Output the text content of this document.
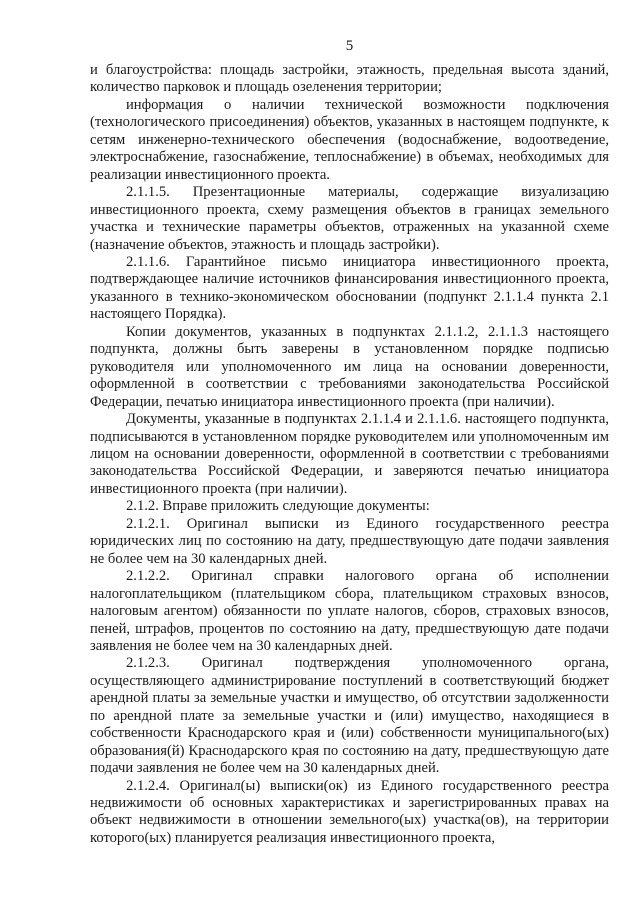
5

и благоустройства: площадь застройки, этажность, предельная высота зданий, количество парковок и площадь озеленения территории;

информация о наличии технической возможности подключения (технологического присоединения) объектов, указанных в настоящем подпункте, к сетям инженерно-технического обеспечения (водоснабжение, водоотведение, электроснабжение, газоснабжение, теплоснабжение) в объемах, необходимых для реализации инвестиционного проекта.

2.1.1.5. Презентационные материалы, содержащие визуализацию инвестиционного проекта, схему размещения объектов в границах земельного участка и технические параметры объектов, отраженных на указанной схеме (назначение объектов, этажность и площадь застройки).

2.1.1.6. Гарантийное письмо инициатора инвестиционного проекта, подтверждающее наличие источников финансирования инвестиционного проекта, указанного в технико-экономическом обосновании (подпункт 2.1.1.4 пункта 2.1 настоящего Порядка).

Копии документов, указанных в подпунктах 2.1.1.2, 2.1.1.3 настоящего подпункта, должны быть заверены в установленном порядке подписью руководителя или уполномоченного им лица на основании доверенности, оформленной в соответствии с требованиями законодательства Российской Федерации, печатью инициатора инвестиционного проекта (при наличии).

Документы, указанные в подпунктах 2.1.1.4 и 2.1.1.6. настоящего подпункта, подписываются в установленном порядке руководителем или уполномоченным им лицом на основании доверенности, оформленной в соответствии с требованиями законодательства Российской Федерации, и заверяются печатью инициатора инвестиционного проекта (при наличии).

2.1.2. Вправе приложить следующие документы:

2.1.2.1. Оригинал выписки из Единого государственного реестра юридических лиц по состоянию на дату, предшествующую дате подачи заявления не более чем на 30 календарных дней.

2.1.2.2. Оригинал справки налогового органа об исполнении налогоплательщиком (плательщиком сбора, плательщиком страховых взносов, налоговым агентом) обязанности по уплате налогов, сборов, страховых взносов, пеней, штрафов, процентов по состоянию на дату, предшествующую дате подачи заявления не более чем на 30 календарных дней.

2.1.2.3. Оригинал подтверждения уполномоченного органа, осуществляющего администрирование поступлений в соответствующий бюджет арендной платы за земельные участки и имущество, об отсутствии задолженности по арендной плате за земельные участки и (или) имущество, находящиеся в собственности Краснодарского края и (или) собственности муниципального(ых) образования(й) Краснодарского края по состоянию на дату, предшествующую дате подачи заявления не более чем на 30 календарных дней.

2.1.2.4. Оригинал(ы) выписки(ок) из Единого государственного реестра недвижимости об основных характеристиках и зарегистрированных правах на объект недвижимости в отношении земельного(ых) участка(ов), на территории которого(ых) планируется реализация инвестиционного проекта,
